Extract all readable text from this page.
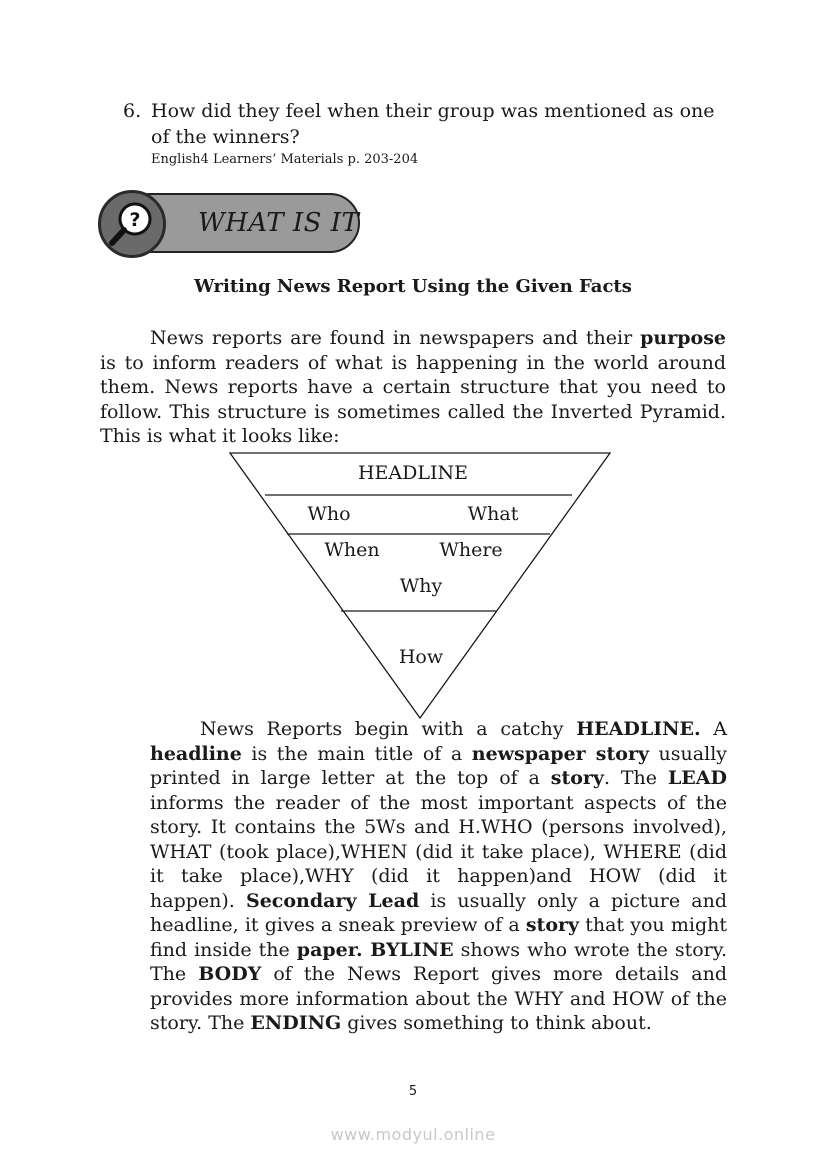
6. How did they feel when their group was mentioned as one of the winners?
English4 Learners’ Materials p. 203-204
WHAT IS IT
?
Writing News Report Using the Given Facts

News reports are found in newspapers and their purpose is to inform readers of what is happening in the world around them. News reports have a certain structure that you need to follow. This structure is sometimes called the Inverted Pyramid. This is what it looks like:

HEADLINE
Who	What
When	Where
Why
How

News Reports begin with a catchy HEADLINE. A headline is the main title of a newspaper story usually printed in large letter at the top of a story. The LEAD informs the reader of the most important aspects of the story. It contains the 5Ws and H.WHO (persons involved), WHAT (took place),WHEN (did it take place), WHERE (did it take place),WHY (did it happen)and HOW (did it happen). Secondary Lead is usually only a picture and headline, it gives a sneak preview of a story that you might find inside the paper. BYLINE shows who wrote the story. The BODY of the News Report gives more details and provides more information about the WHY and HOW of the story. The ENDING gives something to think about.

5
www.modyul.online
